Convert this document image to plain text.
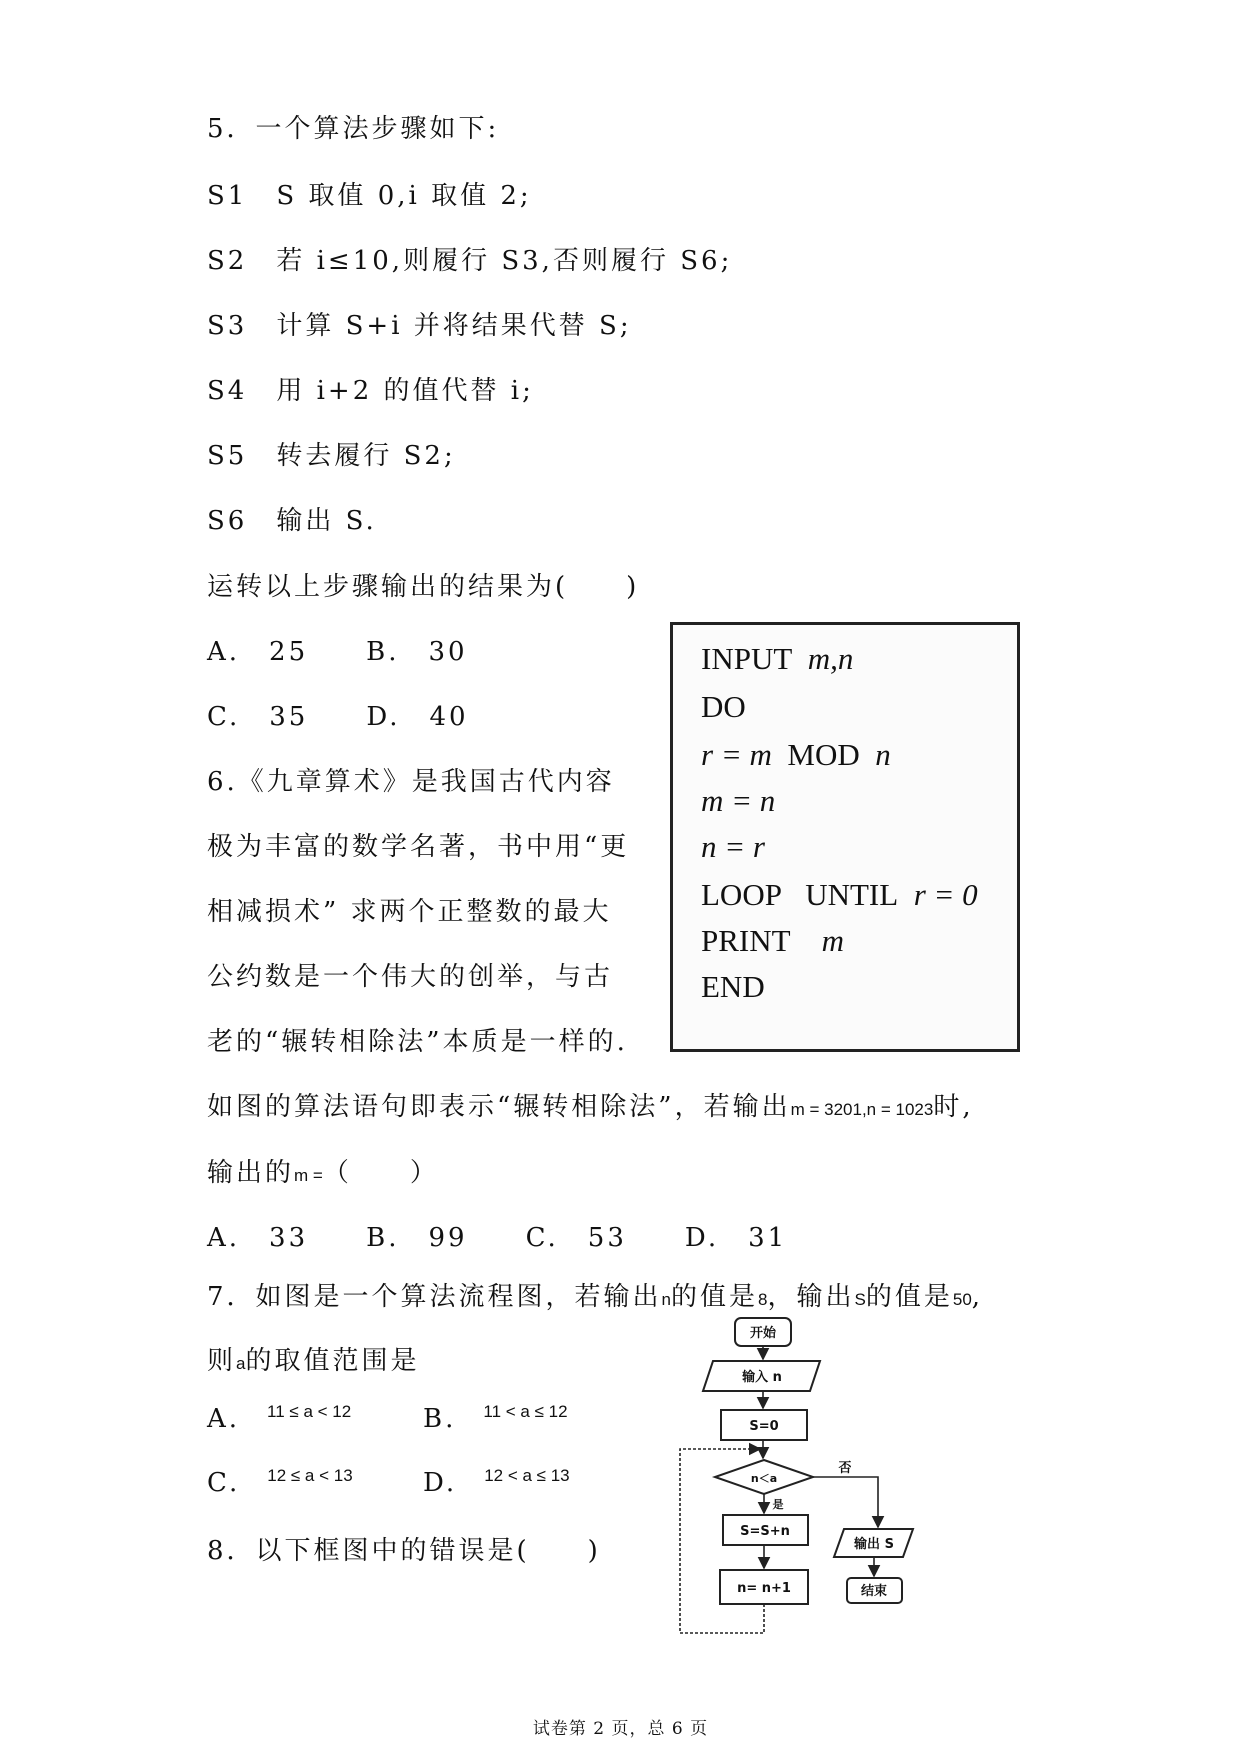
5．一个算法步骤如下:
S1　S 取值 0,i 取值 2;
S2　若 i≤10,则履行 S3,否则履行 S6;
S3　计算 S+i 并将结果代替 S;
S4　用 i+2 的值代替 i;
S5　转去履行 S2;
S6　输出 S.
运转以上步骤输出的结果为(　　)
A.　25　　B.　30
C.　35　　D.　40
6.《九章算术》是我国古代内容
极为丰富的数学名著，书中用“更
相减损术” 求两个正整数的最大
公约数是一个伟大的创举，与古
老的“辗转相除法”本质是一样的.
如图的算法语句即表示“辗转相除法”，若输出m = 3201,n = 1023时,
输出的m =（　　）
A.　33　　B.　99　　C.　53　　D.　31
INPUT m,n
DO
r = m MOD n
m = n
n = r
LOOP UNTIL r = 0
PRINT m
END
7．如图是一个算法流程图，若输出n的值是8，输出S的值是50,
则a的取值范围是
A. $^{11 \le a < 12}$	B. $^{11 < a \le 12}$
C. $^{12 \le a < 13}$	D. $^{12 < a \le 13}$
8．以下框图中的错误是(　　)
开始
输入 n
S=0
n＜a
否
是
S=S+n
输出 S
结束
n= n+1
试卷第 2 页，总 6 页
